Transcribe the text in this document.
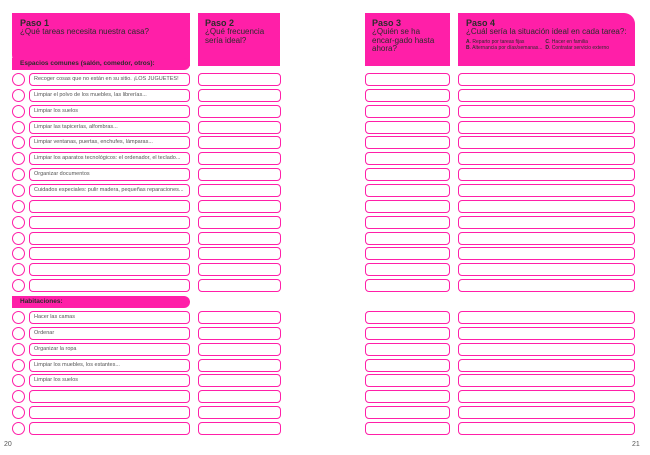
Paso 1
¿Qué tareas necesita nuestra casa?
Paso 2
¿Qué frecuencia sería ideal?
Paso 3
¿Quién se ha encar-gado hasta ahora?
Paso 4
¿Cuál sería la situación ideal en cada tarea?:
A. Reparto por tareas fijas	C. Hacer en familia
B. Alternancia por días/semanas... D. Contratar servicio externo
Espacios comunes (salón, comedor, otros):
Habitaciones:
Recoger cosas que no están en su sitio. ¡LOS JUGUETES!
Limpiar el polvo de los muebles, las librerías...
Limpiar los suelos
Limpiar las tapicerías, alfombras...
Limpiar ventanas, puertas, enchufes, lámparas...
Limpiar los aparatos tecnológicos: el ordenador, el teclado...
Organizar documentos
Cuidados especiales: pulir madera, pequeñas reparaciones...
Hacer las camas
Ordenar
Organizar la ropa
Limpiar los muebles, los estantes...
Limpiar los suelos
20	21
